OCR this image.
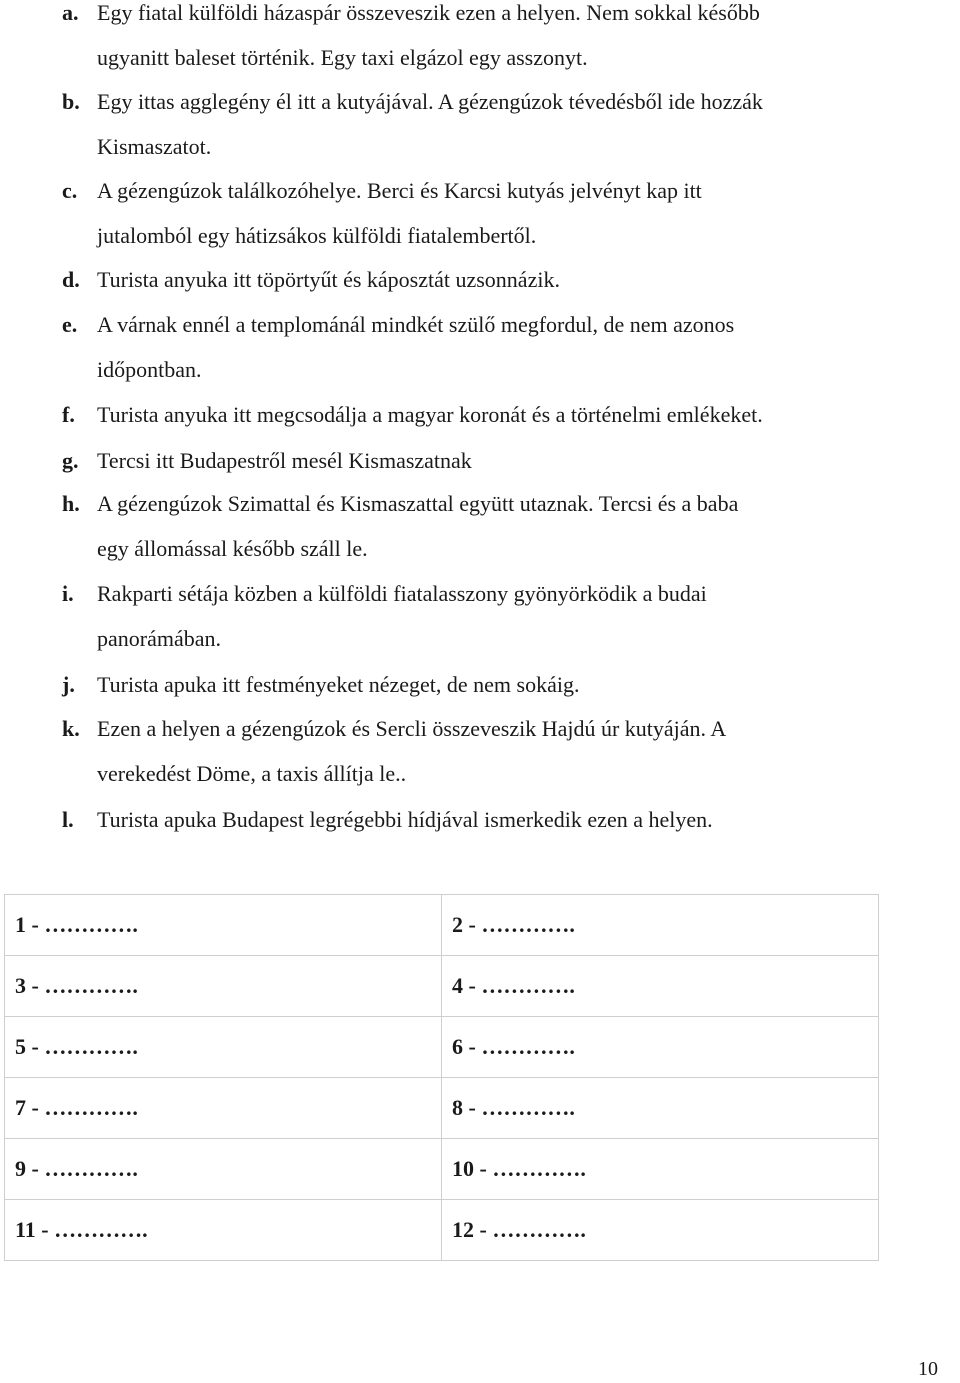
a. Egy fiatal külföldi házaspár összeveszik ezen a helyen. Nem sokkal később
ugyanitt baleset történik. Egy taxi elgázol egy asszonyt.
b. Egy ittas agglegény él itt a kutyájával. A gézengúzok tévedésből ide hozzák
Kismaszatot.
c. A gézengúzok találkozóhelye. Berci és Karcsi kutyás jelvényt kap itt
jutalomból egy hátizsákos külföldi fiatalembertől.
d. Turista anyuka itt töpörtyűt és káposztát uzsonnázik.
e. A várnak ennél a templománál mindkét szülő megfordul, de nem azonos
időpontban.
f. Turista anyuka itt megcsodálja a magyar koronát és a történelmi emlékeket.
g. Tercsi itt Budapestről mesél Kismaszatnak
h. A gézengúzok Szimattal és Kismaszattal együtt utaznak. Tercsi és a baba
egy állomással később száll le.
i. Rakparti sétája közben a külföldi fiatalasszony gyönyörködik a budai
panorámában.
j. Turista apuka itt festményeket nézeget, de nem sokáig.
k. Ezen a helyen a gézengúzok és Sercli összeveszik Hajdú úr kutyáján. A
verekedést Döme, a taxis állítja le..
l. Turista apuka Budapest legrégebbi hídjával ismerkedik ezen a helyen.
1 - ………….	2 - ………….
3 - ………….	4 - ………….
5 - ………….	6 - ………….
7 - ………….	8 - ………….
9 - ………….	10 - ………….
11 - ………….	12 - ………….
10
